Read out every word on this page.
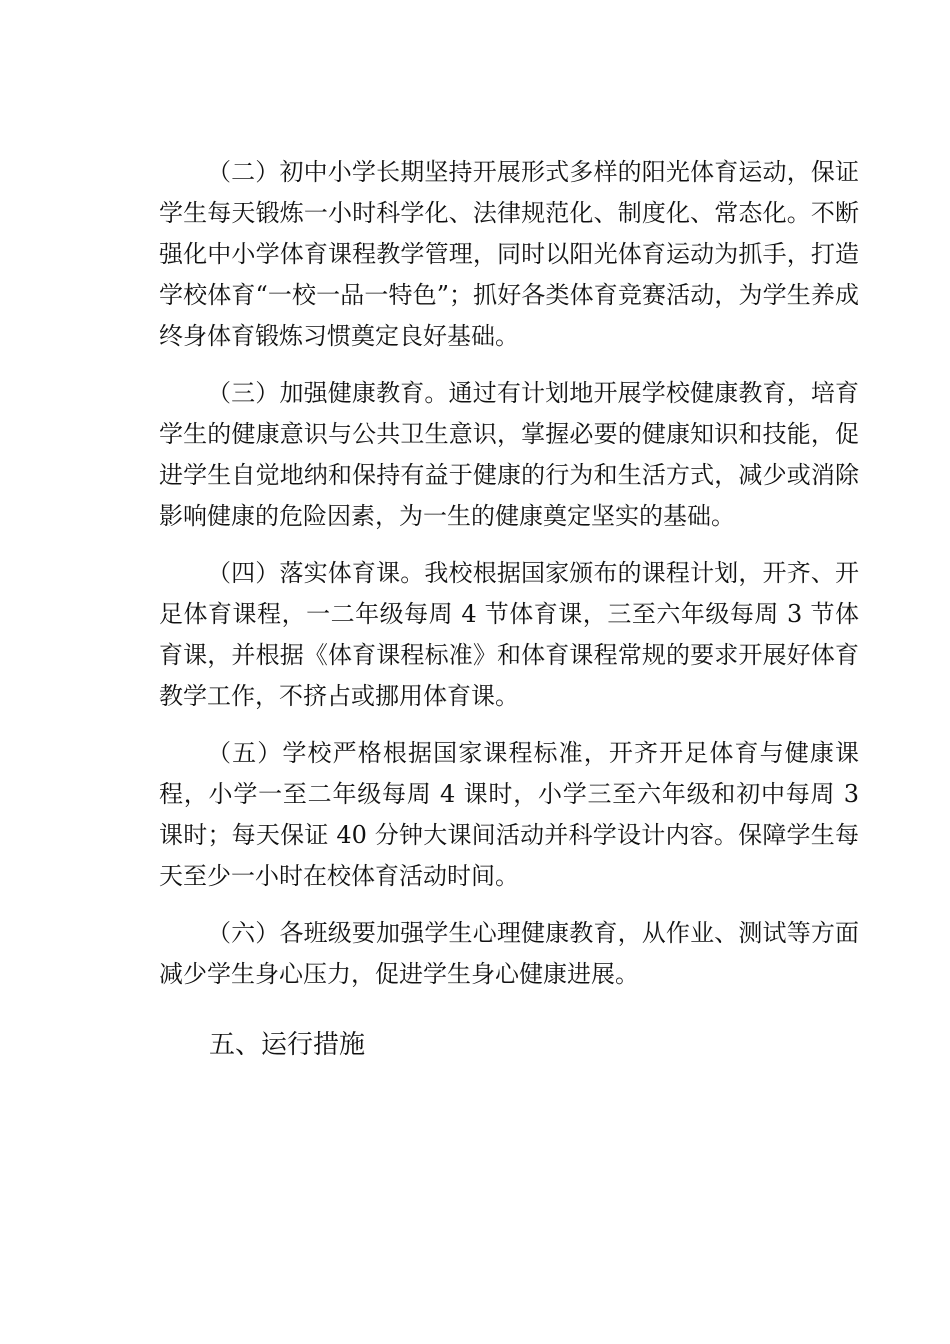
（二）初中小学长期坚持开展形式多样的阳光体育运动，保证学生每天锻炼一小时科学化、法律规范化、制度化、常态化。不断强化中小学体育课程教学管理，同时以阳光体育运动为抓手，打造学校体育“一校一品一特色”；抓好各类体育竞赛活动，为学生养成终身体育锻炼习惯奠定良好基础。

（三）加强健康教育。通过有计划地开展学校健康教育，培育学生的健康意识与公共卫生意识，掌握必要的健康知识和技能，促进学生自觉地纳和保持有益于健康的行为和生活方式，减少或消除影响健康的危险因素，为一生的健康奠定坚实的基础。

（四）落实体育课。我校根据国家颁布的课程计划，开齐、开足体育课程，一二年级每周 4 节体育课，三至六年级每周 3 节体育课，并根据《体育课程标准》和体育课程常规的要求开展好体育教学工作，不挤占或挪用体育课。

（五）学校严格根据国家课程标准，开齐开足体育与健康课程，小学一至二年级每周 4 课时，小学三至六年级和初中每周 3 课时；每天保证 40 分钟大课间活动并科学设计内容。保障学生每天至少一小时在校体育活动时间。

（六）各班级要加强学生心理健康教育，从作业、测试等方面减少学生身心压力，促进学生身心健康进展。

五、运行措施
